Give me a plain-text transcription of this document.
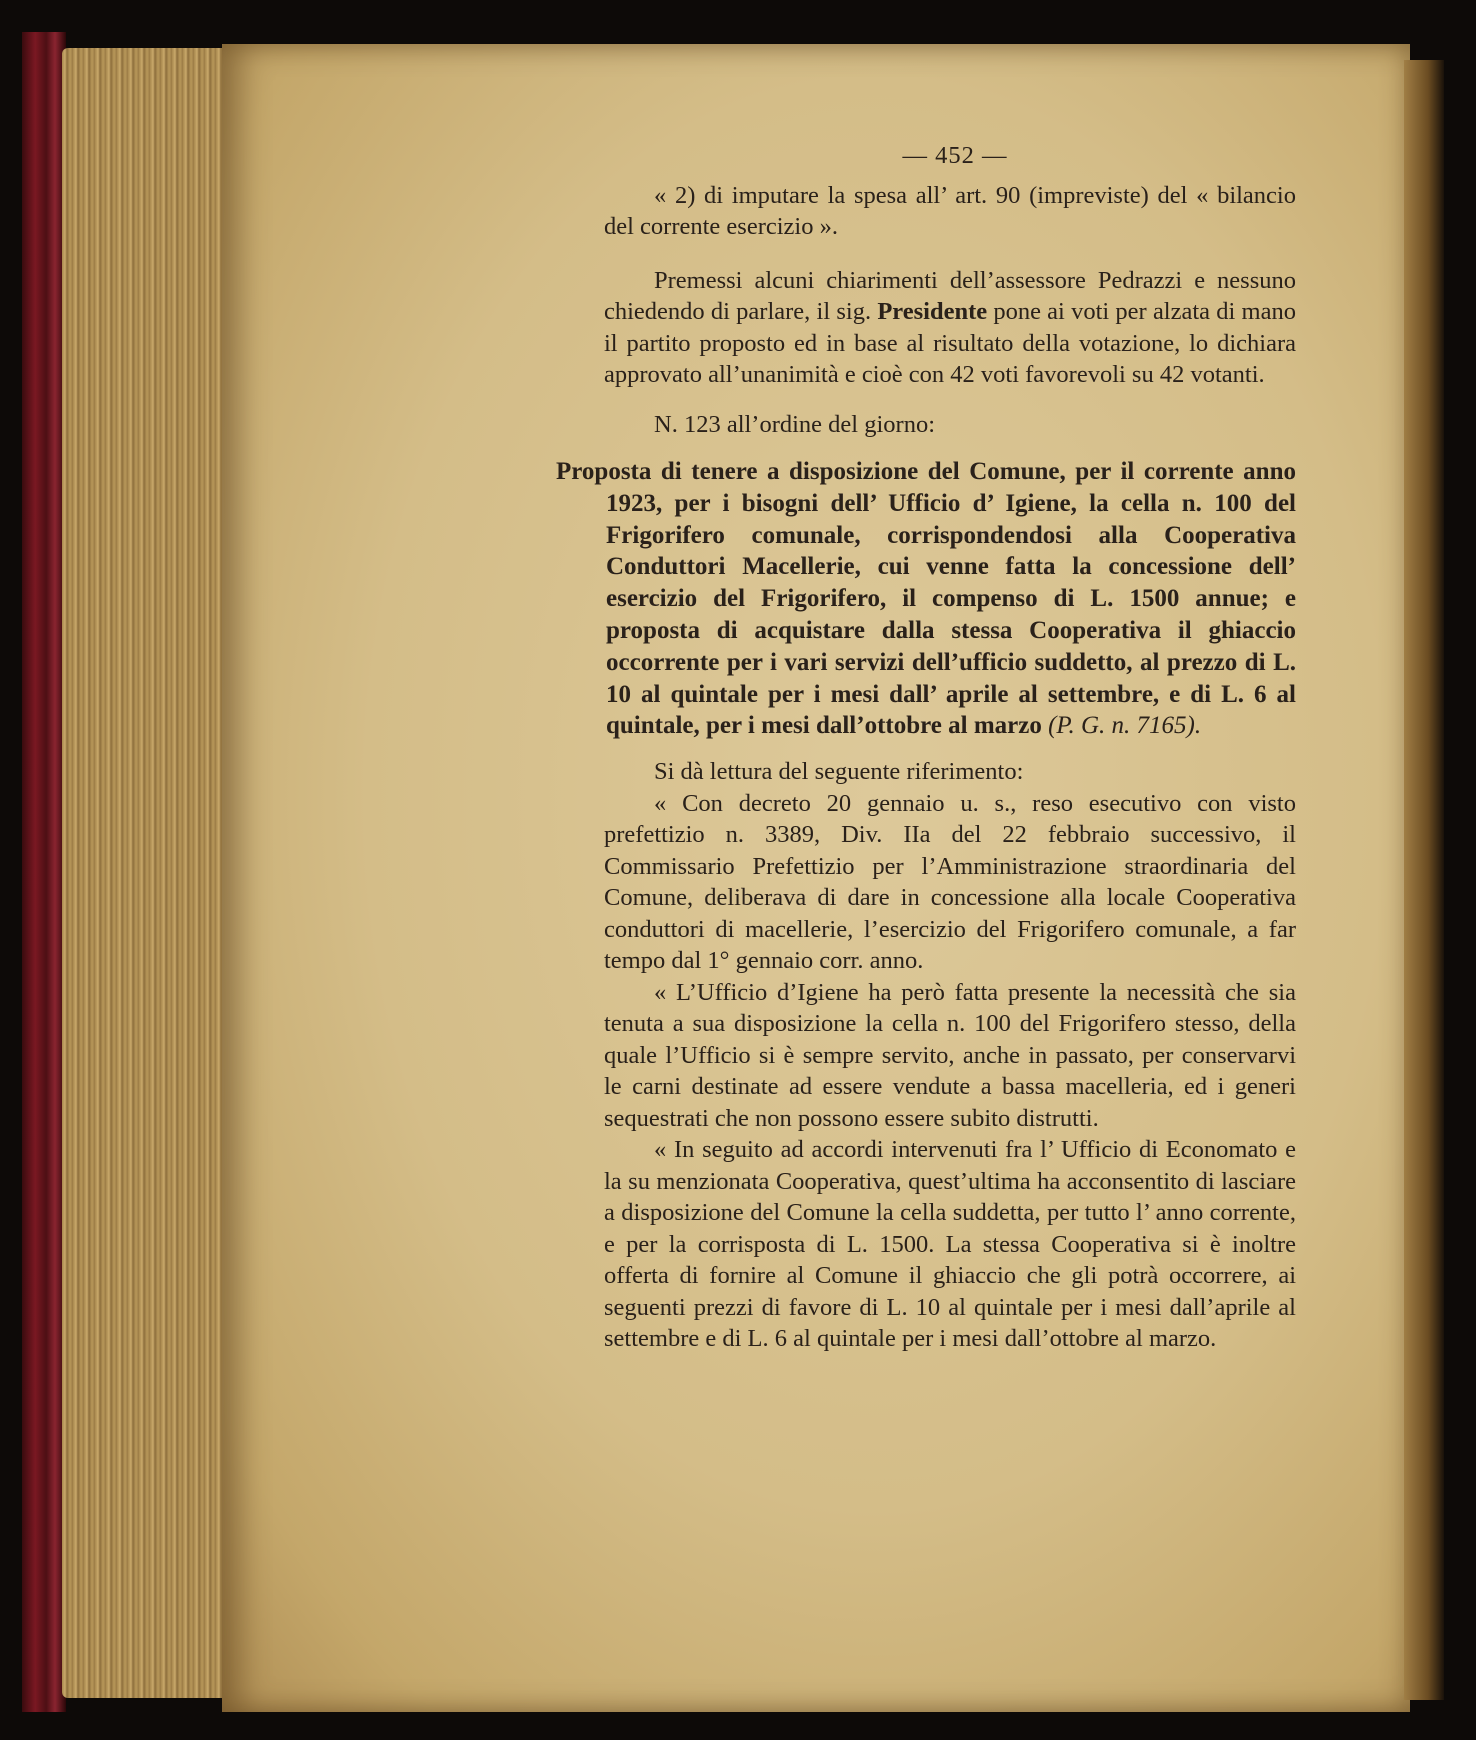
— 452 —

« 2) di imputare la spesa all’ art. 90 (impreviste) del « bilancio del corrente esercizio ».

Premessi alcuni chiarimenti dell’assessore Pedrazzi e nessuno chiedendo di parlare, il sig. Presidente pone ai voti per alzata di mano il partito proposto ed in base al risultato della votazione, lo dichiara approvato all’unanimità e cioè con 42 voti favorevoli su 42 votanti.

N. 123 all’ordine del giorno:

Proposta di tenere a disposizione del Comune, per il corrente anno 1923, per i bisogni dell’ Ufficio d’ Igiene, la cella n. 100 del Frigorifero comunale, corrispondendosi alla Cooperativa Conduttori Macellerie, cui venne fatta la concessione dell’ esercizio del Frigorifero, il compenso di L. 1500 annue; e proposta di acquistare dalla stessa Cooperativa il ghiaccio occorrente per i vari servizi dell’ufficio suddetto, al prezzo di L. 10 al quintale per i mesi dall’ aprile al settembre, e di L. 6 al quintale, per i mesi dall’ottobre al marzo (P. G. n. 7165).

Si dà lettura del seguente riferimento:

« Con decreto 20 gennaio u. s., reso esecutivo con visto prefettizio n. 3389, Div. IIa del 22 febbraio successivo, il Commissario Prefettizio per l’Amministrazione straordinaria del Comune, deliberava di dare in concessione alla locale Cooperativa conduttori di macellerie, l’esercizio del Frigorifero comunale, a far tempo dal 1° gennaio corr. anno.

« L’Ufficio d’Igiene ha però fatta presente la necessità che sia tenuta a sua disposizione la cella n. 100 del Frigorifero stesso, della quale l’Ufficio si è sempre servito, anche in passato, per conservarvi le carni destinate ad essere vendute a bassa macelleria, ed i generi sequestrati che non possono essere subito distrutti.

« In seguito ad accordi intervenuti fra l’ Ufficio di Economato e la su menzionata Cooperativa, quest’ultima ha acconsentito di lasciare a disposizione del Comune la cella suddetta, per tutto l’ anno corrente, e per la corrisposta di L. 1500. La stessa Cooperativa si è inoltre offerta di fornire al Comune il ghiaccio che gli potrà occorrere, ai seguenti prezzi di favore di L. 10 al quintale per i mesi dall’aprile al settembre e di L. 6 al quintale per i mesi dall’ottobre al marzo.
